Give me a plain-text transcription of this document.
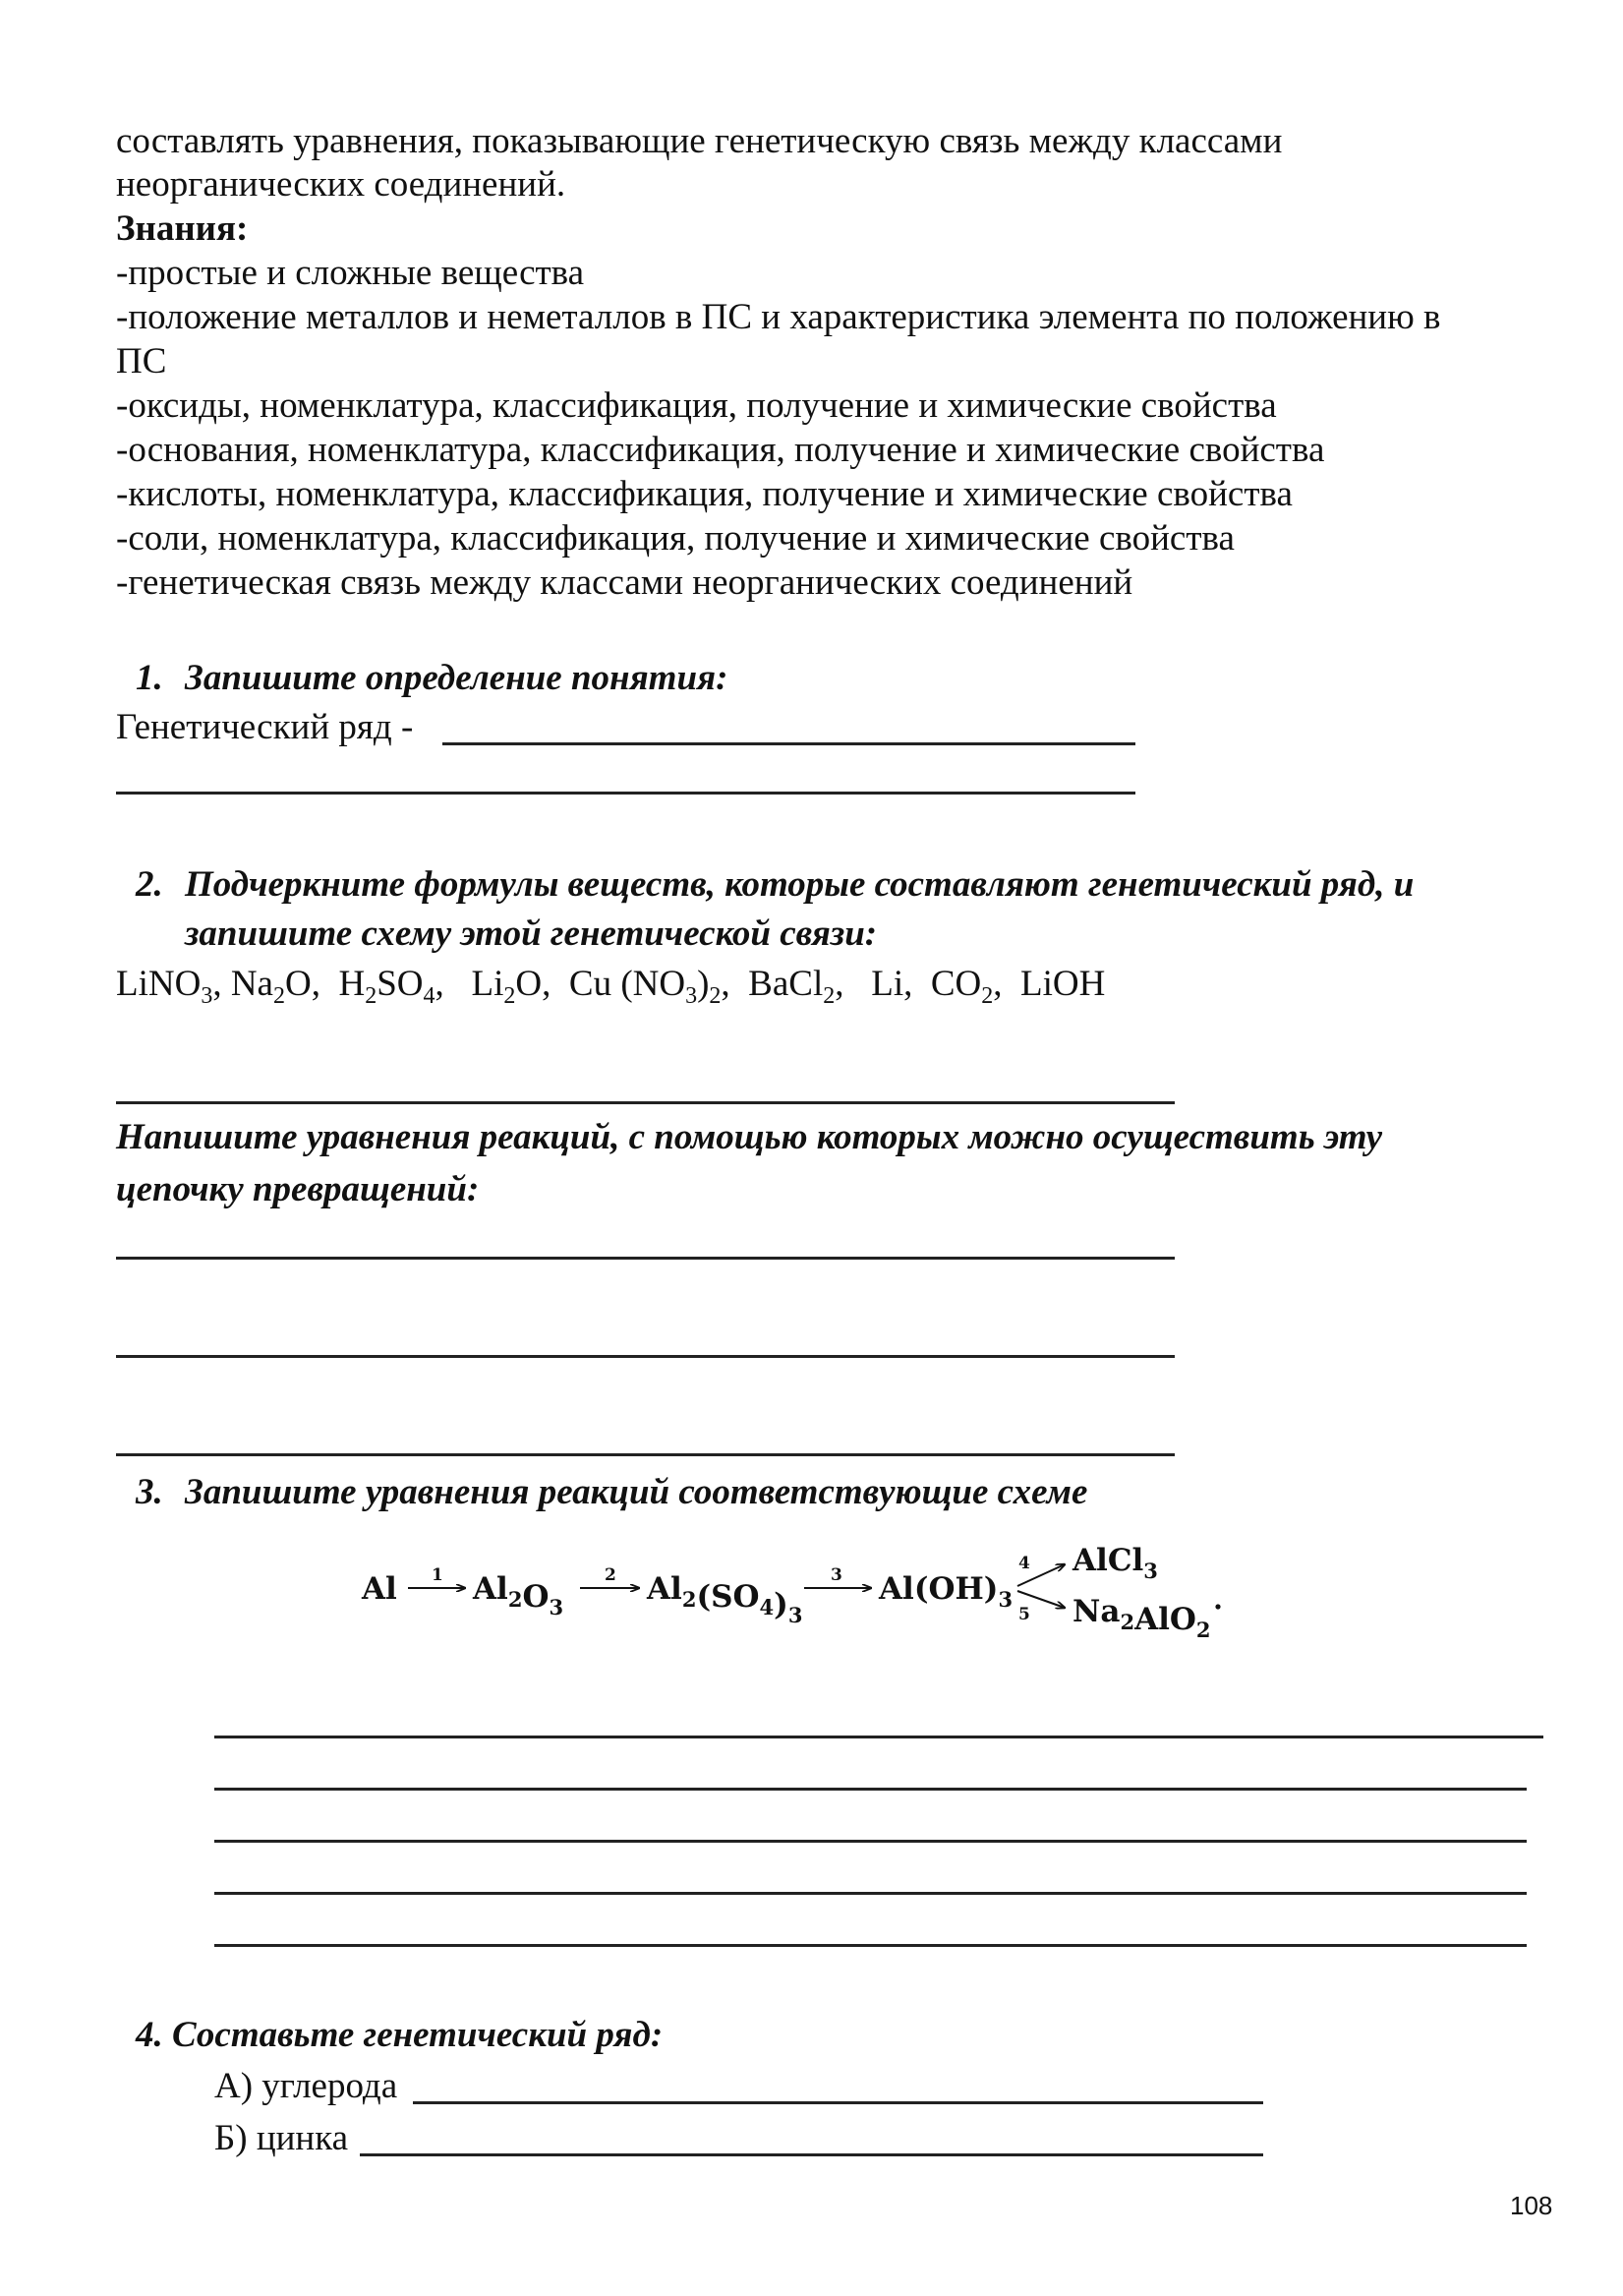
составлять уравнения, показывающие генетическую связь между классами
неорганических соединений.
Знания:
-простые и сложные вещества
-положение металлов и неметаллов в ПС и характеристика элемента по положению в
ПС
-оксиды, номенклатура, классификация, получение и химические свойства
-основания, номенклатура, классификация, получение и химические свойства
-кислоты, номенклатура, классификация, получение и химические свойства
-соли, номенклатура, классификация, получение и химические свойства
-генетическая связь между классами неорганических соединений
1. Запишите определение понятия:
Генетический ряд -
2. Подчеркните формулы веществ, которые составляют генетический ряд, и
запишите схему этой генетической связи:
LiNO$_3$, $Na_2O$,  $H_2SO_4$,   $Li_2O$,  Cu $(NO_3)_2$,  BaCl$_2$,   Li,  $CO_2$,  LiOH
Напишите уравнения реакций, с помощью которых можно осуществить эту
цепочку превращений:
3. Запишите уравнения реакций соответствующие схеме
Al 1 $Al_2O_3$
2 $Al_2(SO_4)_3$
3 $Al(OH)_3$
4 AlCl$_3$
5 $Na_2AlO_2$
4. Составьте генетический ряд:
А) углерода
Б) цинка
108
